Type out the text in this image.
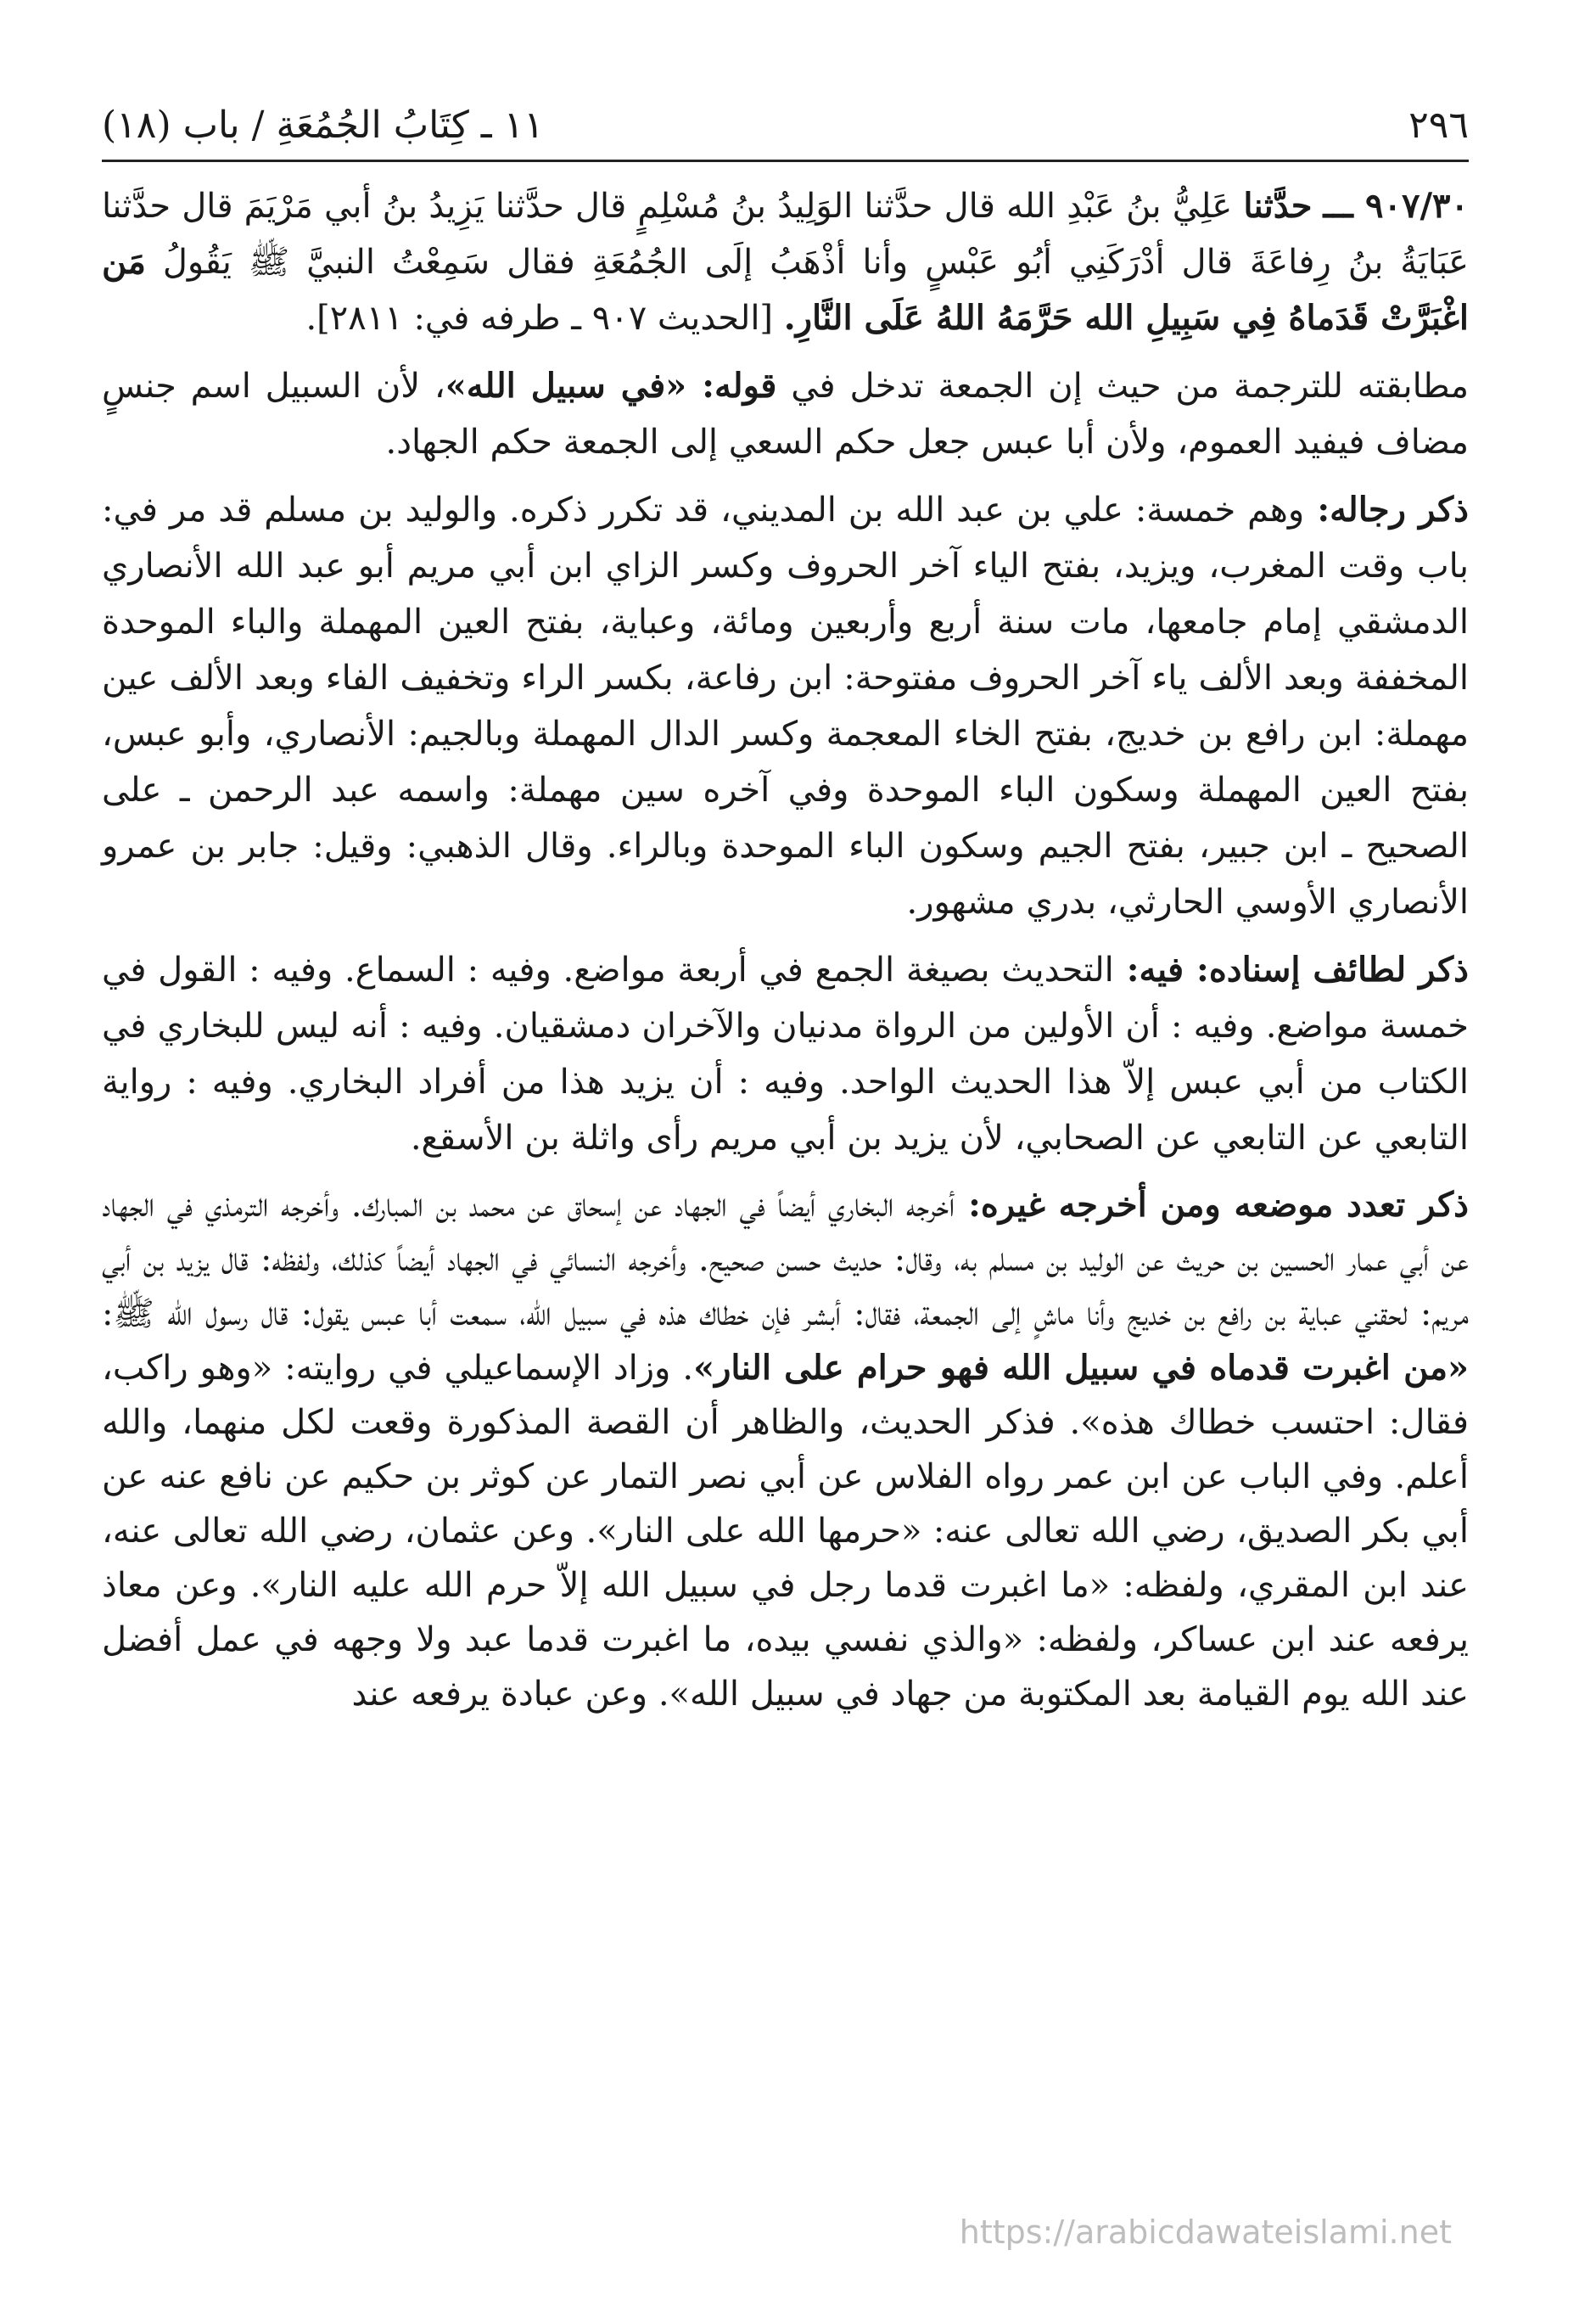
٢٩٦
١١ ـ كِتَابُ الجُمُعَةِ / باب (١٨)

٩٠٧/٣٠ ـــ حدَّثنا عَلِيُّ بنُ عَبْدِ الله قال حدَّثنا الوَلِيدُ بنُ مُسْلِمٍ قال حدَّثنا يَزِيدُ بنُ أبي مَرْيَمَ قال حدَّثنا عَبَايَةُ بنُ رِفاعَةَ قال أدْرَكَنِي أبُو عَبْسٍ وأنا أذْهَبُ إلَى الجُمُعَةِ فقال سَمِعْتُ النبيَّ ﷺ يَقُولُ مَن اغْبَرَّتْ قَدَماهُ فِي سَبِيلِ الله حَرَّمَهُ اللهُ عَلَى النَّارِ. [الحديث ٩٠٧ ـ طرفه في: ٢٨١١].

مطابقته للترجمة من حيث إن الجمعة تدخل في قوله: «في سبيل الله»، لأن السبيل اسم جنسٍ مضاف فيفيد العموم، ولأن أبا عبس جعل حكم السعي إلى الجمعة حكم الجهاد.

ذكر رجاله: وهم خمسة: علي بن عبد الله بن المديني، قد تكرر ذكره. والوليد بن مسلم قد مر في: باب وقت المغرب، ويزيد، بفتح الياء آخر الحروف وكسر الزاي ابن أبي مريم أبو عبد الله الأنصاري الدمشقي إمام جامعها، مات سنة أربع وأربعين ومائة، وعباية، بفتح العين المهملة والباء الموحدة المخففة وبعد الألف ياء آخر الحروف مفتوحة: ابن رفاعة، بكسر الراء وتخفيف الفاء وبعد الألف عين مهملة: ابن رافع بن خديج، بفتح الخاء المعجمة وكسر الدال المهملة وبالجيم: الأنصاري، وأبو عبس، بفتح العين المهملة وسكون الباء الموحدة وفي آخره سين مهملة: واسمه عبد الرحمن ـ على الصحيح ـ ابن جبير، بفتح الجيم وسكون الباء الموحدة وبالراء. وقال الذهبي: وقيل: جابر بن عمرو الأنصاري الأوسي الحارثي، بدري مشهور.

ذكر لطائف إسناده: فيه: التحديث بصيغة الجمع في أربعة مواضع. وفيه : السماع. وفيه : القول في خمسة مواضع. وفيه : أن الأولين من الرواة مدنيان والآخران دمشقيان. وفيه : أنه ليس للبخاري في الكتاب من أبي عبس إلاّ هذا الحديث الواحد. وفيه : أن يزيد هذا من أفراد البخاري. وفيه : رواية التابعي عن التابعي عن الصحابي، لأن يزيد بن أبي مريم رأى واثلة بن الأسقع.

ذكر تعدد موضعه ومن أخرجه غيره: أخرجه البخاري أيضاً في الجهاد عن إسحاق عن محمد بن المبارك. وأخرجه الترمذي في الجهاد عن أبي عمار الحسين بن حريث عن الوليد بن مسلم به، وقال: حديث حسن صحيح. وأخرجه النسائي في الجهاد أيضاً كذلك، ولفظه: قال يزيد بن أبي مريم: لحقني عباية بن رافع بن خديج وأنا ماشٍ إلى الجمعة، فقال: أبشر فإن خطاك هذه في سبيل الله، سمعت أبا عبس يقول: قال رسول الله ﷺ: «من اغبرت قدماه في سبيل الله فهو حرام على النار». وزاد الإسماعيلي في روايته: «وهو راكب، فقال: احتسب خطاك هذه». فذكر الحديث، والظاهر أن القصة المذكورة وقعت لكل منهما، والله أعلم. وفي الباب عن ابن عمر رواه الفلاس عن أبي نصر التمار عن كوثر بن حكيم عن نافع عنه عن أبي بكر الصديق، رضي الله تعالى عنه: «حرمها الله على النار». وعن عثمان، رضي الله تعالى عنه، عند ابن المقري، ولفظه: «ما اغبرت قدما رجل في سبيل الله إلاّ حرم الله عليه النار». وعن معاذ يرفعه عند ابن عساكر، ولفظه: «والذي نفسي بيده، ما اغبرت قدما عبد ولا وجهه في عمل أفضل عند الله يوم القيامة بعد المكتوبة من جهاد في سبيل الله». وعن عبادة يرفعه عند

https://arabicdawateislami.net
